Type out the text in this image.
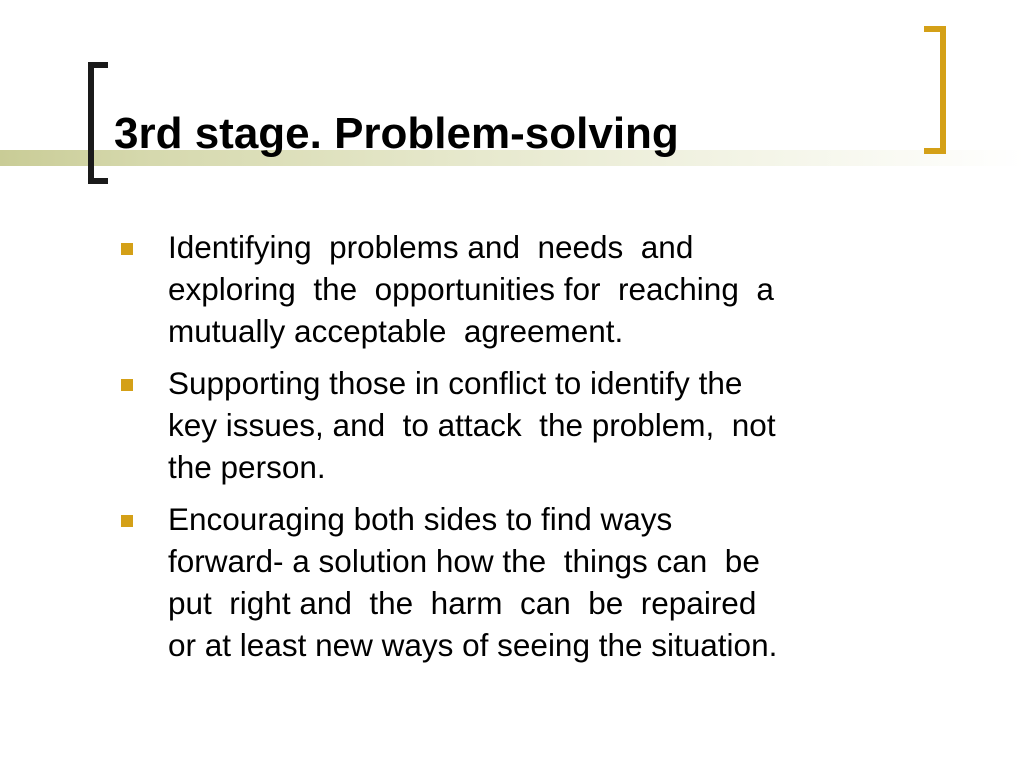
3rd stage. Problem-solving
Identifying  problems and  needs  and
exploring  the  opportunities for  reaching  a
mutually acceptable  agreement.
Supporting those in conflict to identify the
key issues, and  to attack  the problem,  not
the person.
Encouraging both sides to find ways
forward- a solution how the  things can  be
put  right and  the  harm  can  be  repaired
or at least new ways of seeing the situation.
